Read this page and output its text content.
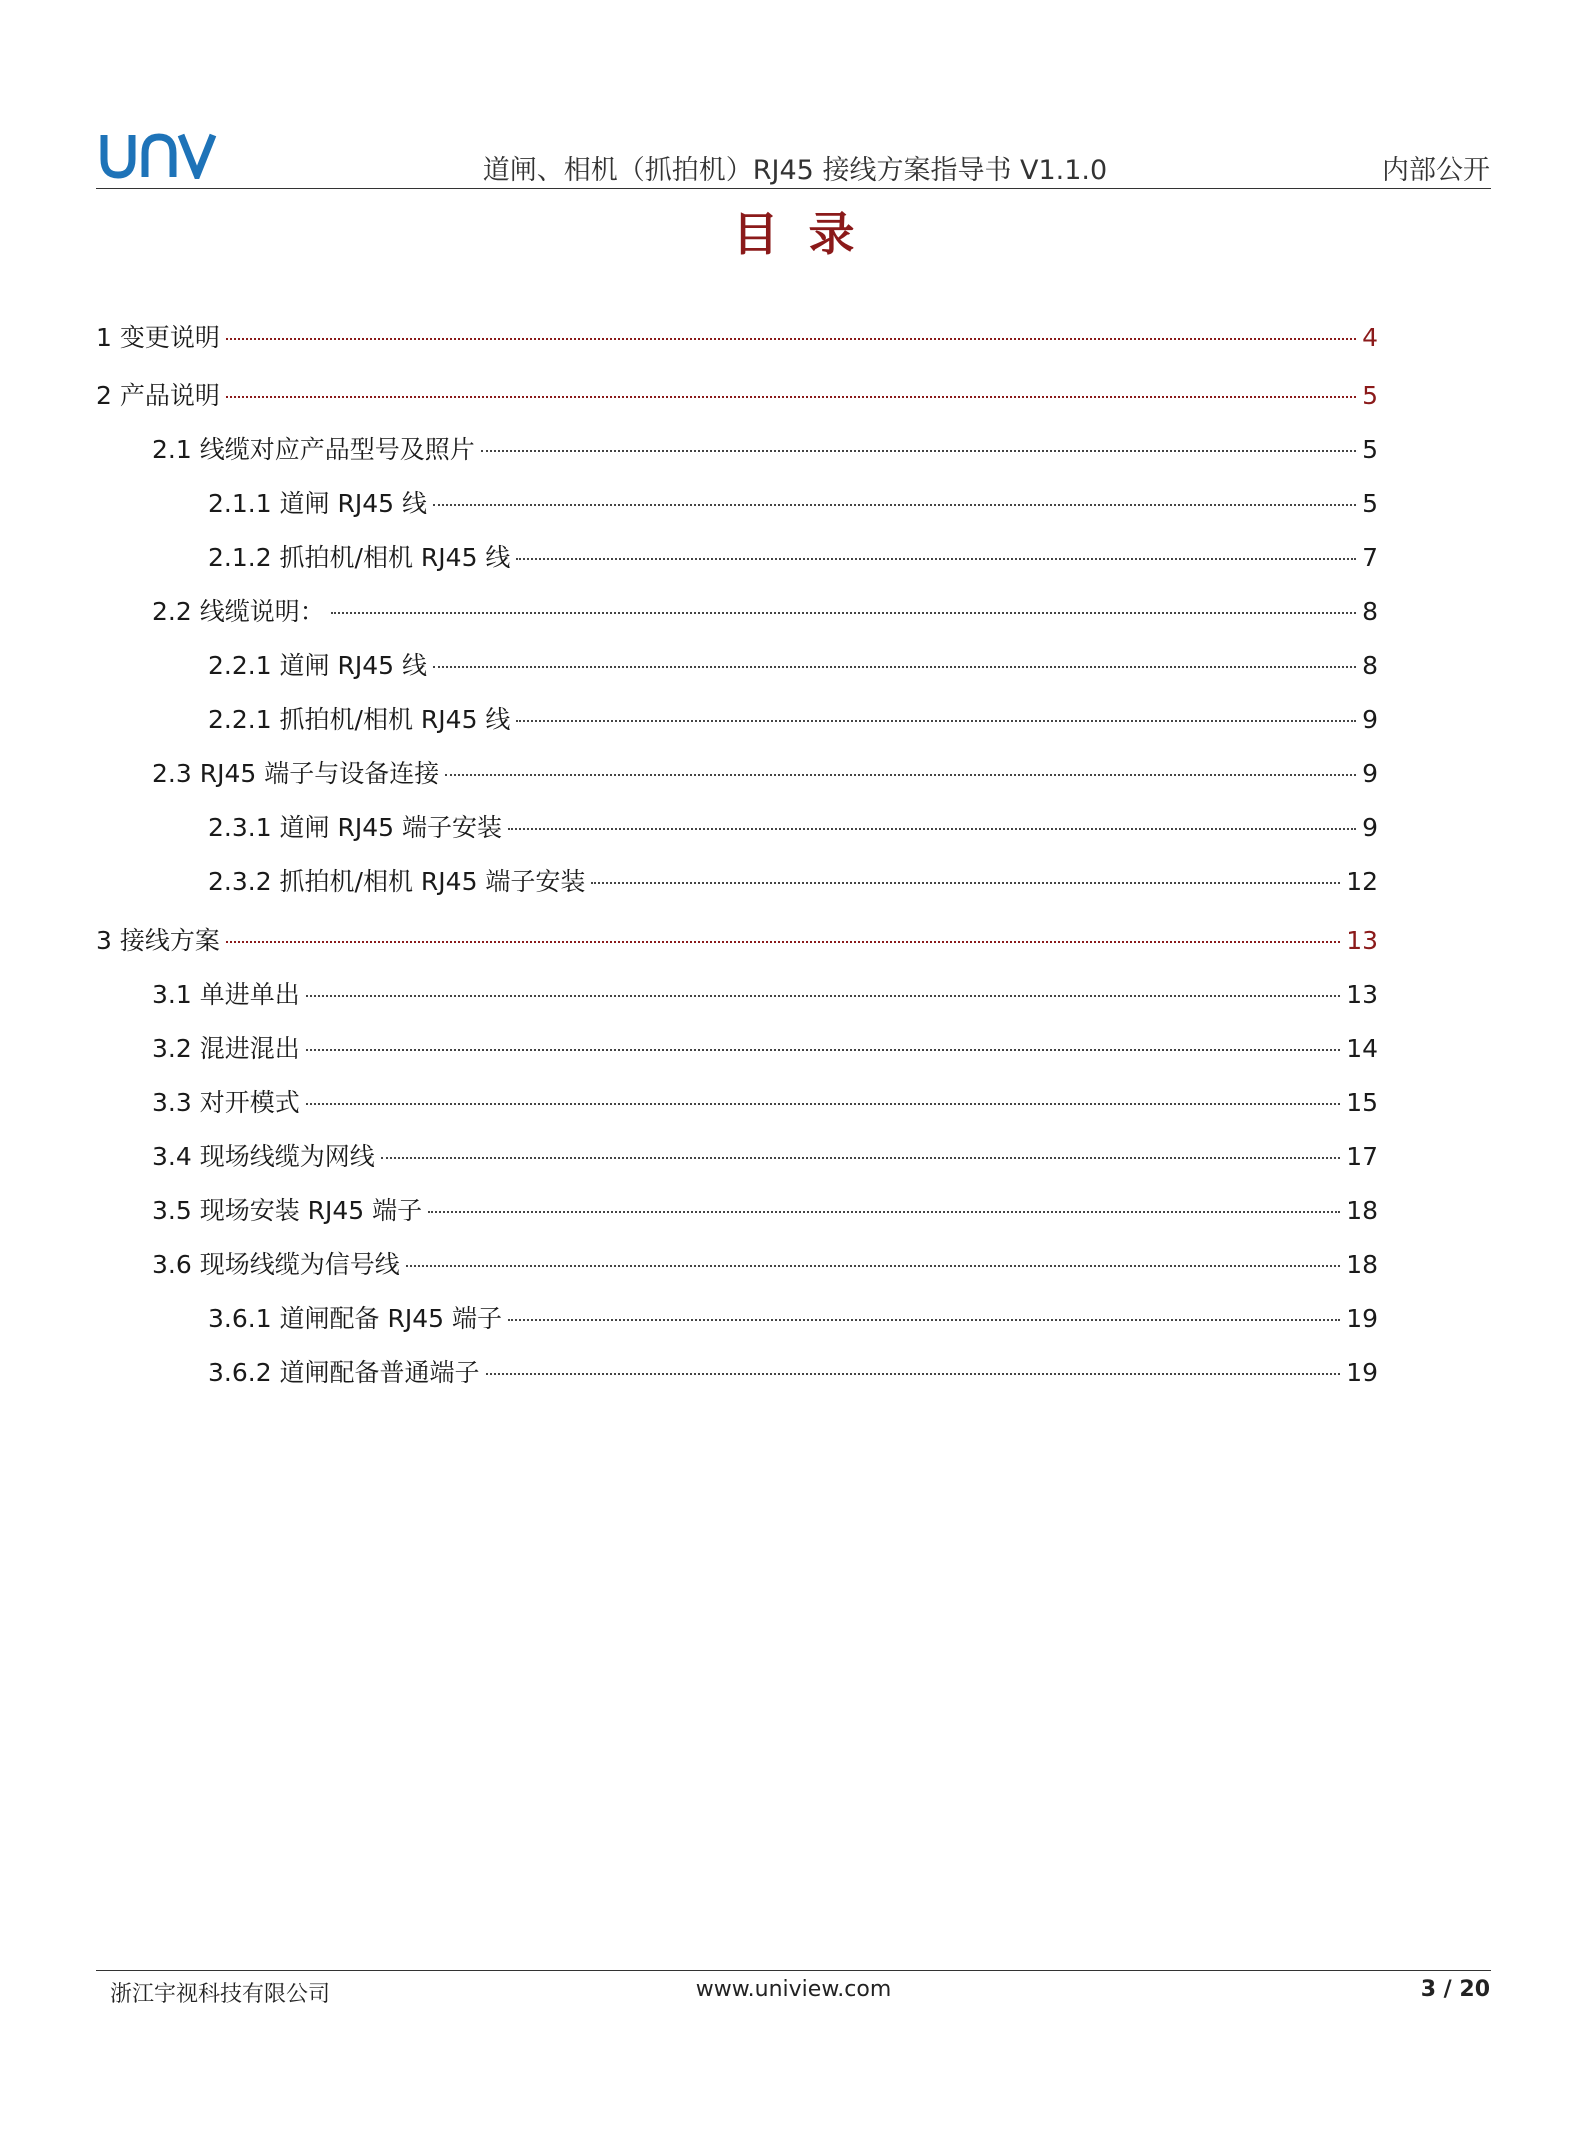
道闸、相机（抓拍机）RJ45 接线方案指导书 V1.1.0	内部公开
目录
1 变更说明	4
2 产品说明	5
2.1 线缆对应产品型号及照片	5
2.1.1 道闸 RJ45 线	5
2.1.2 抓拍机/相机 RJ45 线	7
2.2 线缆说明：	8
2.2.1 道闸 RJ45 线	8
2.2.1 抓拍机/相机 RJ45 线	9
2.3 RJ45 端子与设备连接	9
2.3.1 道闸 RJ45 端子安装	9
2.3.2 抓拍机/相机 RJ45 端子安装	12
3 接线方案	13
3.1 单进单出	13
3.2 混进混出	14
3.3 对开模式	15
3.4 现场线缆为网线	17
3.5 现场安装 RJ45 端子	18
3.6 现场线缆为信号线	18
3.6.1 道闸配备 RJ45 端子	19
3.6.2 道闸配备普通端子	19
浙江宇视科技有限公司	www.uniview.com	3 / 20
